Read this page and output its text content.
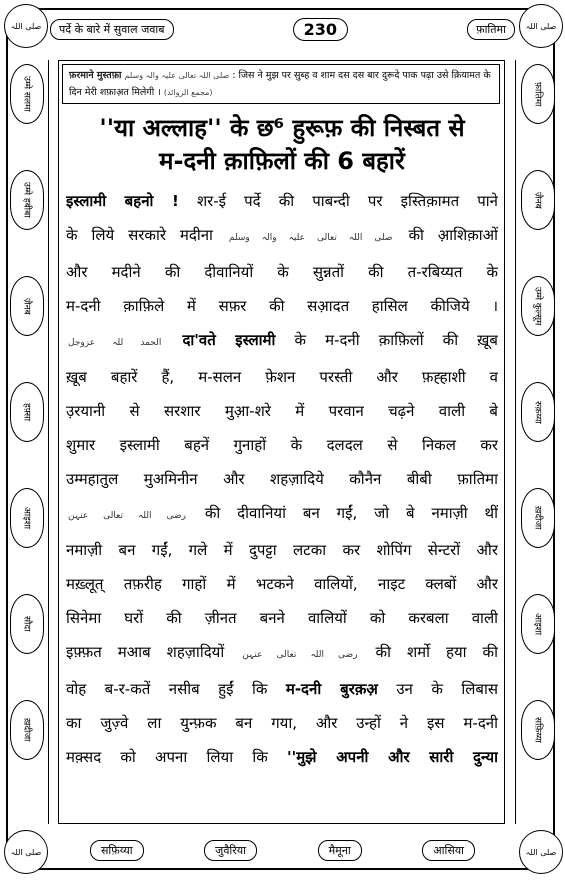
पर्दे के बारे में सुवाल जवाब	230	फ़ातिमा
صلی اللہ	صلی اللہ
फ़रमाने मुस्तफ़ा صلی اللہ تعالی علیہ والہ وسلم : जिस ने मुझ पर सुब्ह व शाम दस दस बार दुरूदे पाक पढ़ा उसे क़ियामत के दिन मेरी शफ़ाअ़त मिलेगी । (مجمع الزوائد)
''या अल्लाह'' के छ⁶ हुरूफ़ की निस्बत से
म-दनी क़ाफ़िलों की 6 बहारें
इस्लामी बहनो ! शर-ई पर्दे की पाबन्दी पर इस्तिक़ामत पाने
के लिये सरकारे मदीना صلی اللہ تعالی علیہ والہ وسلم की आ़शिक़ाओं
और मदीने की दीवानियों के सुन्नतों की त-रबिय्यत के
म-दनी क़ाफ़िले में सफ़र की सआ़दत हासिल कीजिये ।
الحمد للہ عزوجل दा'वते इस्लामी के म-दनी क़ाफ़िलों की ख़ूब
ख़ूब बहारें हैं, म-सलन फ़ेशन परस्ती और फ़ह्हाशी व
उ़रयानी से सरशार मुआ़-शरे में परवान चढ़ने वाली बे
शुमार इस्लामी बहनें गुनाहों के दलदल से निकल कर
उम्महातुल मुअमिनीन और शहज़ादिये कौनैन बीबी फ़ातिमा
رضی اللہ تعالی عنہن की दीवानियां बन गईं, जो बे नमाज़ी थीं
नमाज़ी बन गईं, गले में दुपट्टा लटका कर शोपिंग सेन्टरों और
मख़्लूत् तफ़रीह गाहों में भटकने वालियों, नाइट क्लबों और
सिनेमा घरों की ज़ीनत बनने वालियों को करबला वाली
इफ़्फ़त मआब शहज़ादियों رضی اللہ تعالی عنہن की शर्मो हया की
वोह ब-र-कतें नसीब हुईं कि म-दनी बुरक़अ़ उन के लिबास
का जुज़्वे ला युन्फ़क बन गया, और उन्हों ने इस म-दनी
मक़्सद को अपना लिया कि ''मुझे अपनी और सारी दुन्या
उम्मे सलमा
उम्मे हबीबा
ज़ैनब
हफ़्सा
आइशा
सौदा
ख़दीजा
फ़ातिमा
ज़ैनब
उम्मे कुल्सूम
रुक़य्या
ख़दीजा
आइशा
सफ़िय्या
صلی اللہ	صلی اللہ
सफ़िय्या	जुवैरिया	मैमूना	आसिया
